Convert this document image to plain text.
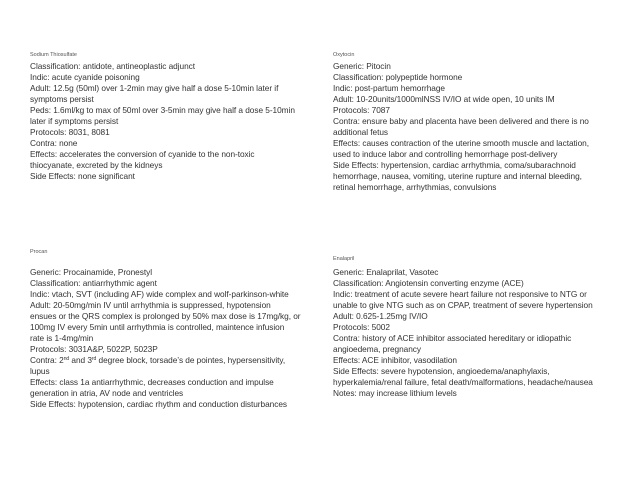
Sodium Thiosulfate
Classification: antidote, antineoplastic adjunct
Indic: acute cyanide poisoning
Adult: 12.5g (50ml) over 1-2min may give half a dose 5-10min later if
symptoms persist
Peds: 1.6ml/kg to max of 50ml over 3-5min may give half a dose 5-10min
later if symptoms persist
Protocols: 8031, 8081
Contra: none
Effects: accelerates the conversion of cyanide to the non-toxic
thiocyanate, excreted by the kidneys
Side Effects: none significant
Oxytocin
Generic: Pitocin
Classification: polypeptide hormone
Indic: post-partum hemorrhage
Adult: 10-20units/1000mlNSS IV/IO at wide open, 10 units IM
Protocols: 7087
Contra: ensure baby and placenta have been delivered and there is no
additional fetus
Effects: causes contraction of the uterine smooth muscle and lactation,
used to induce labor and controlling hemorrhage post-delivery
Side Effects: hypertension, cardiac arrhythmia, coma/subarachnoid
hemorrhage, nausea, vomiting, uterine rupture and internal bleeding,
retinal hemorrhage, arrhythmias, convulsions
Procan
Generic: Procainamide, Pronestyl
Classification: antiarrhythmic agent
Indic: vtach, SVT (including AF) wide complex and wolf-parkinson-white
Adult: 20-50mg/min IV until arrhythmia is suppressed, hypotension
ensues or the QRS complex is prolonged by 50% max dose is 17mg/kg, or
100mg IV every 5min until arrhythmia is controlled, maintence infusion
rate is 1-4mg/min
Protocols: 3031A&P, 5022P, 5023P
Contra: 2nd and 3rd degree block, torsade’s de pointes, hypersensitivity,
lupus
Effects: class 1a antiarrhythmic, decreases conduction and impulse
generation in atria, AV node and ventricles
Side Effects: hypotension, cardiac rhythm and conduction disturbances
Enalapril
Generic: Enalaprilat, Vasotec
Classification: Angiotensin converting enzyme (ACE)
Indic: treatment of acute severe heart failure not responsive to NTG or
unable to give NTG such as on CPAP, treatment of severe hypertension
Adult: 0.625-1.25mg IV/IO
Protocols: 5002
Contra: history of ACE inhibitor associated hereditary or idiopathic
angioedema, pregnancy
Effects: ACE inhibitor, vasodilation
Side Effects: severe hypotension, angioedema/anaphylaxis,
hyperkalemia/renal failure, fetal death/malformations, headache/nausea
Notes: may increase lithium levels
